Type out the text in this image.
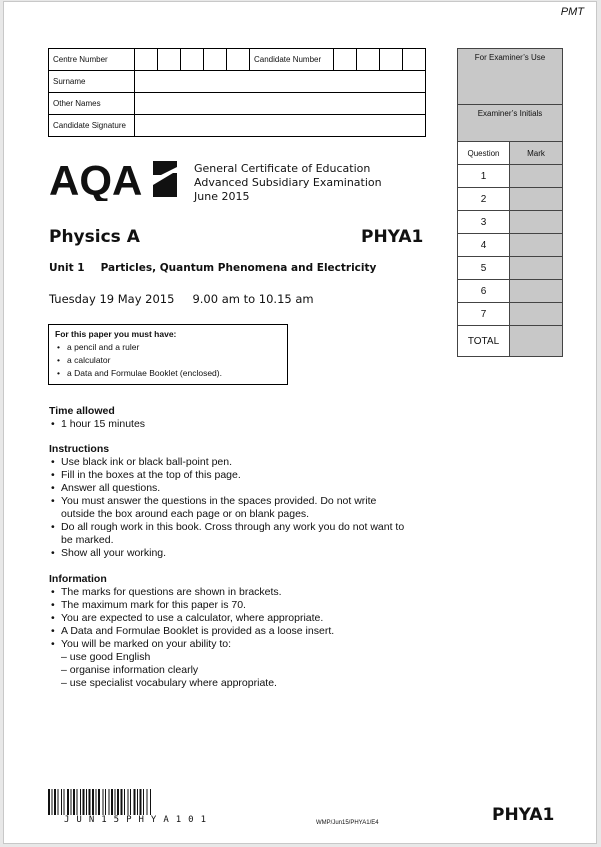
PMT
Centre Number						Candidate Number				
Surname										
Other Names										
Candidate Signature										
For Examiner’s Use
Examiner’s Initials
Question	Mark
1
2
3
4
5
6
7
TOTAL
AQA	General Certificate of Education
Advanced Subsidiary Examination
June 2015
Physics A	PHYA1
Unit 1 Particles, Quantum Phenomena and Electricity
Tuesday 19 May 2015 9.00 am to 10.15 am
For this paper you must have:
• a pencil and a ruler
• a calculator
• a Data and Formulae Booklet (enclosed).
Time allowed
• 1 hour 15 minutes
Instructions
• Use black ink or black ball-point pen.
• Fill in the boxes at the top of this page.
• Answer all questions.
• You must answer the questions in the spaces provided. Do not write outside the box around each page or on blank pages.
• Do all rough work in this book. Cross through any work you do not want to be marked.
• Show all your working.
Information
• The marks for questions are shown in brackets.
• The maximum mark for this paper is 70.
• You are expected to use a calculator, where appropriate.
• A Data and Formulae Booklet is provided as a loose insert.
• You will be marked on your ability to:
– use good English
– organise information clearly
– use specialist vocabulary where appropriate.
JUN15PHYA101	WMP/Jun15/PHYA1/E4	PHYA1
